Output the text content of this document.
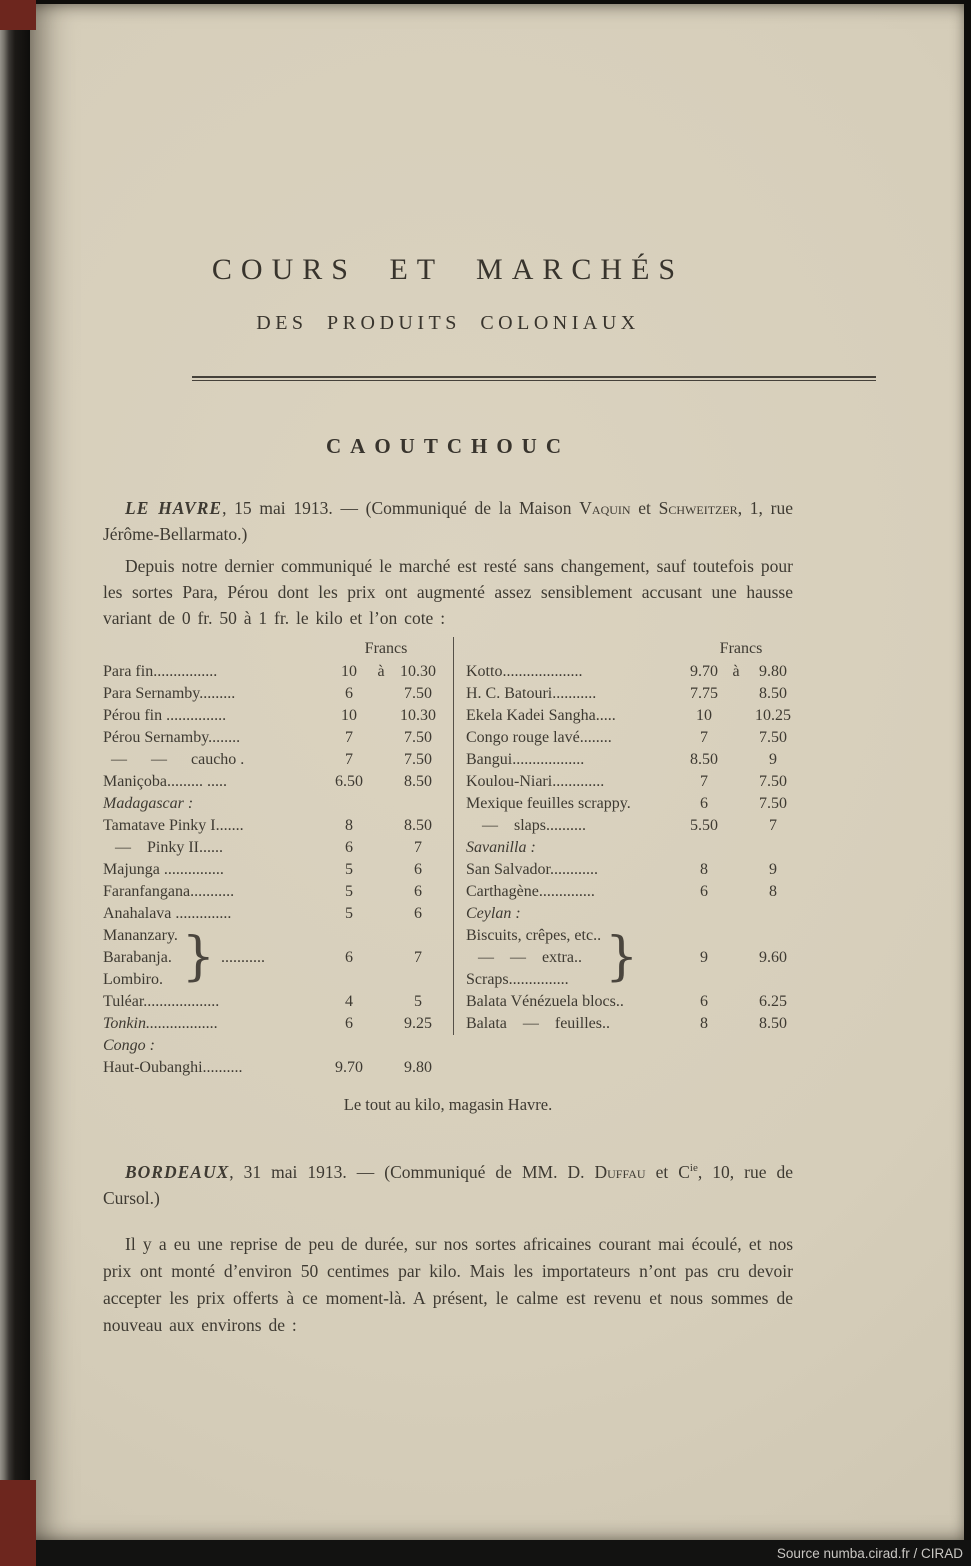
COURS ET MARCHÉS
DES PRODUITS COLONIAUX
CAOUTCHOUC

LE HAVRE, 15 mai 1913. — (Communiqué de la Maison Vaquin et Schweitzer, 1, rue Jérôme-Bellarmato.)

Depuis notre dernier communiqué le marché est resté sans changement, sauf toutefois pour les sortes Para, Pérou dont les prix ont augmenté assez sensiblement accusant une hausse variant de 0 fr. 50 à 1 fr. le kilo et l’on cote :

Francs
Para fin................	10	à 10.30
Para Sernamby.........	6	7.50
Pérou fin ...............	10	10.30
Pérou Sernamby........	7	7.50
—      —      caucho .	7	7.50
Maniçoba......... .....	6.50	8.50
Madagascar :
Tamatave Pinky I.......	8	8.50
—    Pinky II......	6	7
Majunga ...............	5	6
Faranfangana...........	5	6
Anahalava ..............	5	6
Mananzary.
Barabanja.
Lombiro. } ...........	6	7
Tuléar...................	4	5
Tonkin..................	6	9.25
Congo :
Haut-Oubanghi..........	9.70	9.80
Francs
Kotto....................	9.70 à	9.80
H. C. Batouri...........	7.75	8.50
Ekela Kadei Sangha.....	10	10.25
Congo rouge lavé........	7	7.50
Bangui..................	8.50	9
Koulou-Niari.............	7	7.50
Mexique feuilles scrappy.	6	7.50
—    slaps..........	5.50	7
Savanilla :
San Salvador............	8	9
Carthagène..............	6	8
Ceylan :
Biscuits, crêpes, etc..
—    —    extra..
Scraps............... }	9	9.60
Balata Vénézuela blocs..	6	6.25
Balata    —    feuilles..	8	8.50
Le tout au kilo, magasin Havre.

BORDEAUX, 31 mai 1913. — (Communiqué de MM. D. Duffau et $C^{ie}$, 10, rue de Cursol.)

Il y a eu une reprise de peu de durée, sur nos sortes africaines courant mai écoulé, et nos prix ont monté d’environ 50 centimes par kilo. Mais les importateurs n’ont pas cru devoir accepter les prix offerts à ce moment-là. A présent, le calme est revenu et nous sommes de nouveau aux environs de :

Source numba.cirad.fr / CIRAD
